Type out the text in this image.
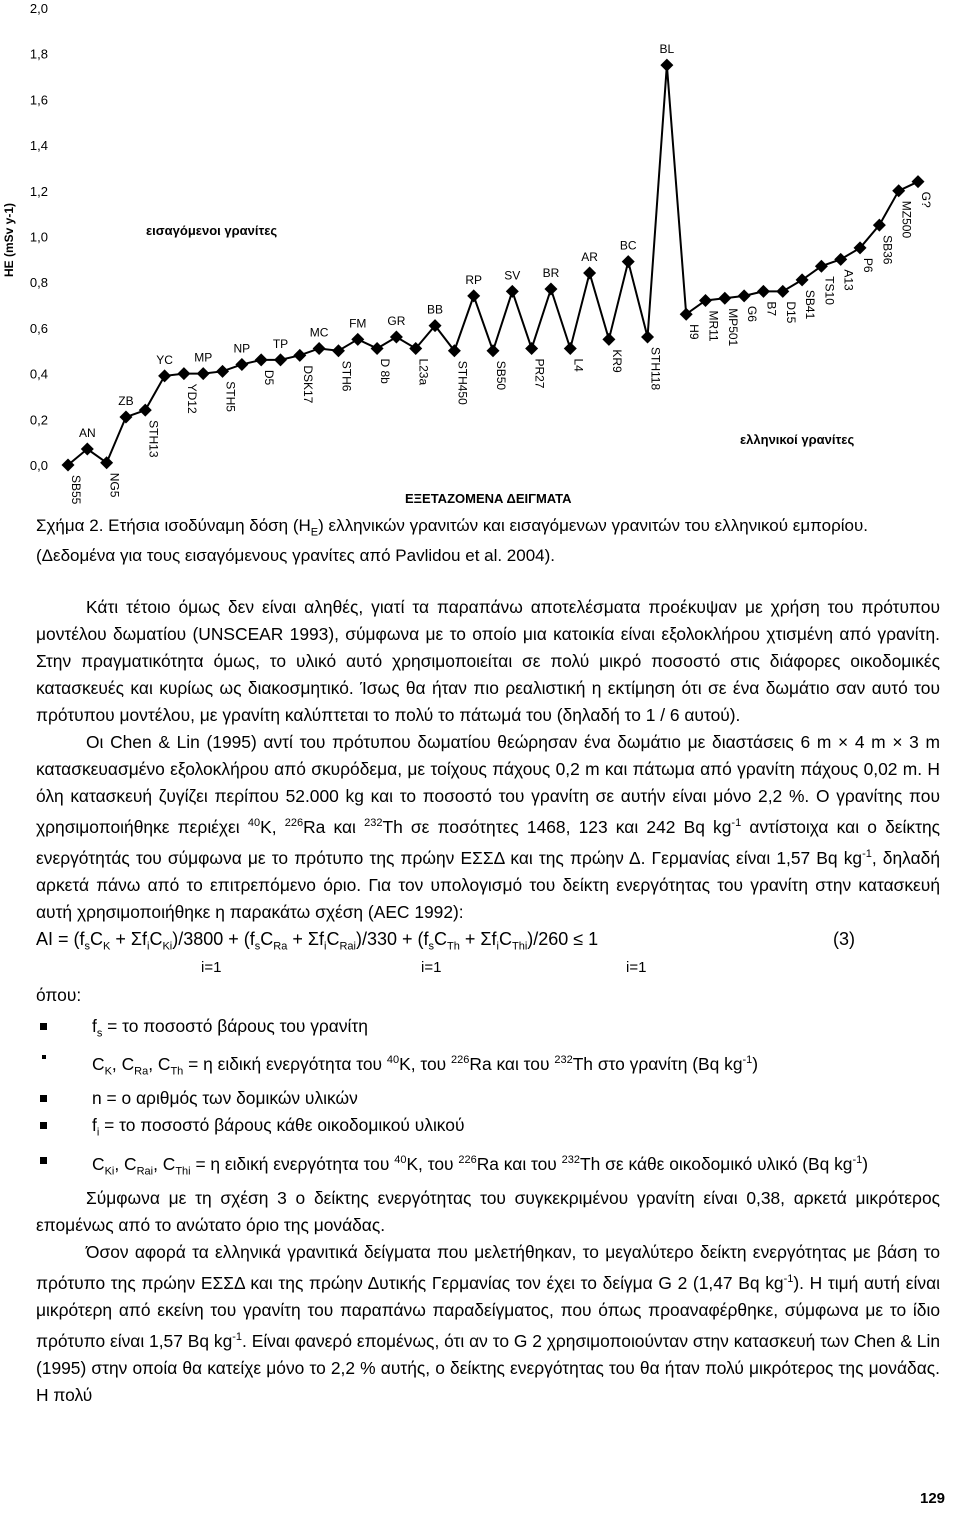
0,0
0,2
0,4
0,6
0,8
1,0
1,2
1,4
1,6
1,8
2,0
HE (mSv y-1)	εισαγόμενοι γρανίτες
ελληνικοί γρανίτες
ΕΞΕΤΑΖΟΜΕΝΑ ΔΕΙΓΜΑΤΑ
SB55
AN
NG5
ZB
STH13
YC
YD12
MP
STH5
NP
D5
TP
DSK17
MC
STH6
FM
D 8b
GR
L23a
BB
STH450
RP
SB50
SV
PR27
BR
L4
AR
KR9
BC
STH118
BL
H9 MR11 MP501 G6 B7 D15 SB41 TS10 A13
P6
SB36
MZ500
G?
Σχήμα 2. Ετήσια ισοδύναμη δόση $(H_E)$ ελληνικών γρανιτών και εισαγόμενων γρανιτών του ελληνικού εμπορίου. (Δεδομένα για τους εισαγόμενους γρανίτες από Pavlidou et al. 2004).

Κάτι τέτοιο όμως δεν είναι αληθές, γιατί τα παραπάνω αποτελέσματα προέκυψαν με χρήση του πρότυπου μοντέλου δωματίου (UNSCEAR 1993), σύμφωνα με το οποίο μια κατοικία είναι εξολοκλήρου χτισμένη από γρανίτη. Στην πραγματικότητα όμως, το υλικό αυτό χρησιμοποιείται σε πολύ μικρό ποσοστό στις διάφορες οικοδομικές κατασκευές και κυρίως ως διακοσμητικό. Ίσως θα ήταν πιο ρεαλιστική η εκτίμηση ότι σε ένα δωμάτιο σαν αυτό του πρότυπου μοντέλου, με γρανίτη καλύπτεται το πολύ το πάτωμά του (δηλαδή το 1 / 6 αυτού).

Οι Chen & Lin (1995) αντί του πρότυπου δωματίου θεώρησαν ένα δωμάτιο με διαστάσεις 6 m × 4 m × 3 m κατασκευασμένο εξολοκλήρου από σκυρόδεμα, με τοίχους πάχους 0,2 m και πάτωμα από γρανίτη πάχους 0,02 m. Η όλη κατασκευή ζυγίζει περίπου 52.000 kg και το ποσοστό του γρανίτη σε αυτήν είναι μόνο 2,2 %. Ο γρανίτης που χρησιμοποιήθηκε περιέχει $^{40}$K, $^{226}$Ra και $^{232}$Th σε ποσότητες 1468, 123 και 242 Bq $kg^{-1}$ αντίστοιχα και ο δείκτης ενεργότητάς του σύμφωνα με το πρότυπο της πρώην ΕΣΣΔ και της πρώην Δ. Γερμανίας είναι 1,57 Bq $kg^{-1}$, δηλαδή αρκετά πάνω από το επιτρεπόμενο όριο. Για τον υπολογισμό του δείκτη ενεργότητας του γρανίτη στην κατασκευή αυτή χρησιμοποιήθηκε η παρακάτω σχέση (AEC 1992):

AI = $(f_sC_K + \Sigma f_iC_{Ki})/3800 + (f_sC_{Ra} + \Sigma f_iC_{Rai})/330 + (f_sC_{Th} + \Sigma f_iC_{Thi})/260 \le 1$	(3)
i=1	i=1	i=1
όπου:
$f_s = \tau o$ ποσοστό βάρους του γρανίτη
$C_K$, $C_{Ra}$, $C_{Th} = \eta$ ειδική ενεργότητα του $^{40}$K, του $^{226}$Ra και του $^{232}$Th στο γρανίτη (Bq $kg^{-1}$)
n = ο αριθμός των δομικών υλικών
$f_i = \tau o$ ποσοστό βάρους κάθε οικοδομικού υλικού
$C_{Ki}$, $C_{Rai}$, $C_{Thi} = \eta$ ειδική ενεργότητα του $^{40}$K, του $^{226}$Ra και του $^{232}$Th σε κάθε οικοδομικό υλικό (Bq $kg^{-1}$)

Σύμφωνα με τη σχέση 3 ο δείκτης ενεργότητας του συγκεκριμένου γρανίτη είναι 0,38, αρκετά μικρότερος επομένως από το ανώτατο όριο της μονάδας.

Όσον αφορά τα ελληνικά γρανιτικά δείγματα που μελετήθηκαν, το μεγαλύτερο δείκτη ενεργότητας με βάση το πρότυπο της πρώην ΕΣΣΔ και της πρώην Δυτικής Γερμανίας τον έχει το δείγμα G 2 (1,47 Bq $kg^{-1}$). Η τιμή αυτή είναι μικρότερη από εκείνη του γρανίτη του παραπάνω παραδείγματος, που όπως προαναφέρθηκε, σύμφωνα με το ίδιο πρότυπο είναι 1,57 Bq $kg^{-1}$. Είναι φανερό επομένως, ότι αν το G 2 χρησιμοποιούνταν στην κατασκευή των Chen & Lin (1995) στην οποία θα κατείχε μόνο το 2,2 % αυτής, ο δείκτης ενεργότητας του θα ήταν πολύ μικρότερος της μονάδας. Η πολύ

129
